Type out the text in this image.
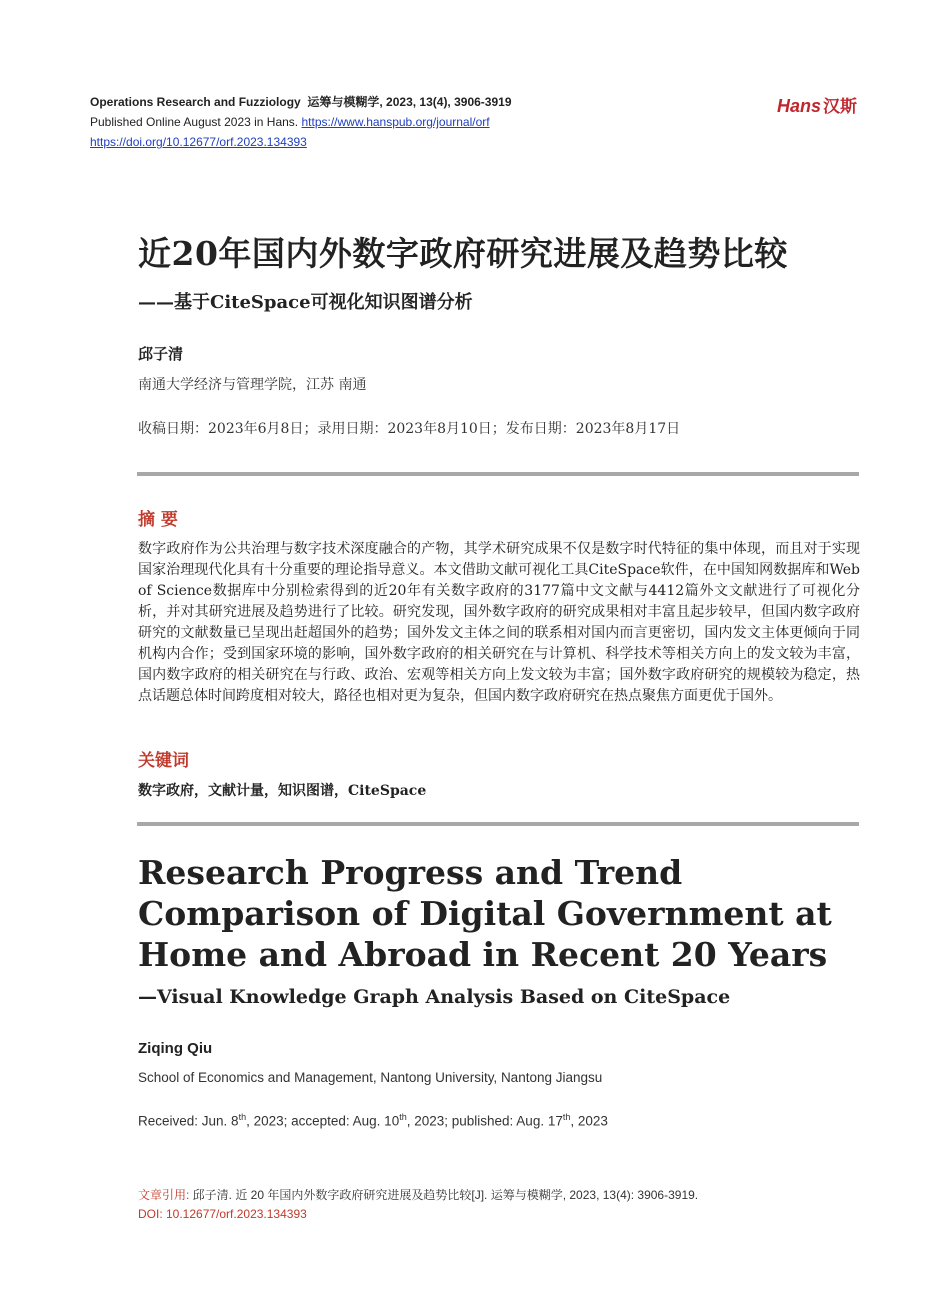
Operations Research and Fuzziology 运筹与模糊学, 2023, 13(4), 3906-3919
Published Online August 2023 in Hans. https://www.hanspub.org/journal/orf
https://doi.org/10.12677/orf.2023.134393
Hans 汉斯
近20年国内外数字政府研究进展及趋势比较
——基于CiteSpace可视化知识图谱分析
邱子清
南通大学经济与管理学院，江苏 南通
收稿日期：2023年6月8日；录用日期：2023年8月10日；发布日期：2023年8月17日
摘 要
数字政府作为公共治理与数字技术深度融合的产物，其学术研究成果不仅是数字时代特征的集中体现，而且对于实现国家治理现代化具有十分重要的理论指导意义。本文借助文献可视化工具CiteSpace软件，在中国知网数据库和Web of Science数据库中分别检索得到的近20年有关数字政府的3177篇中文文献与4412篇外文文献进行了可视化分析，并对其研究进展及趋势进行了比较。研究发现，国外数字政府的研究成果相对丰富且起步较早，但国内数字政府研究的文献数量已呈现出赶超国外的趋势；国外发文主体之间的联系相对国内而言更密切，国内发文主体更倾向于同机构内合作；受到国家环境的影响，国外数字政府的相关研究在与计算机、科学技术等相关方向上的发文较为丰富，国内数字政府的相关研究在与行政、政治、宏观等相关方向上发文较为丰富；国外数字政府研究的规模较为稳定，热点话题总体时间跨度相对较大，路径也相对更为复杂，但国内数字政府研究在热点聚焦方面更优于国外。
关键词
数字政府，文献计量，知识图谱，CiteSpace
Research Progress and Trend Comparison of Digital Government at Home and Abroad in Recent 20 Years
—Visual Knowledge Graph Analysis Based on CiteSpace
Ziqing Qiu
School of Economics and Management, Nantong University, Nantong Jiangsu
Received: Jun. 8th, 2023; accepted: Aug. 10th, 2023; published: Aug. 17th, 2023
文章引用: 邱子清. 近 20 年国内外数字政府研究进展及趋势比较[J]. 运筹与模糊学, 2023, 13(4): 3906-3919.
DOI: 10.12677/orf.2023.134393
